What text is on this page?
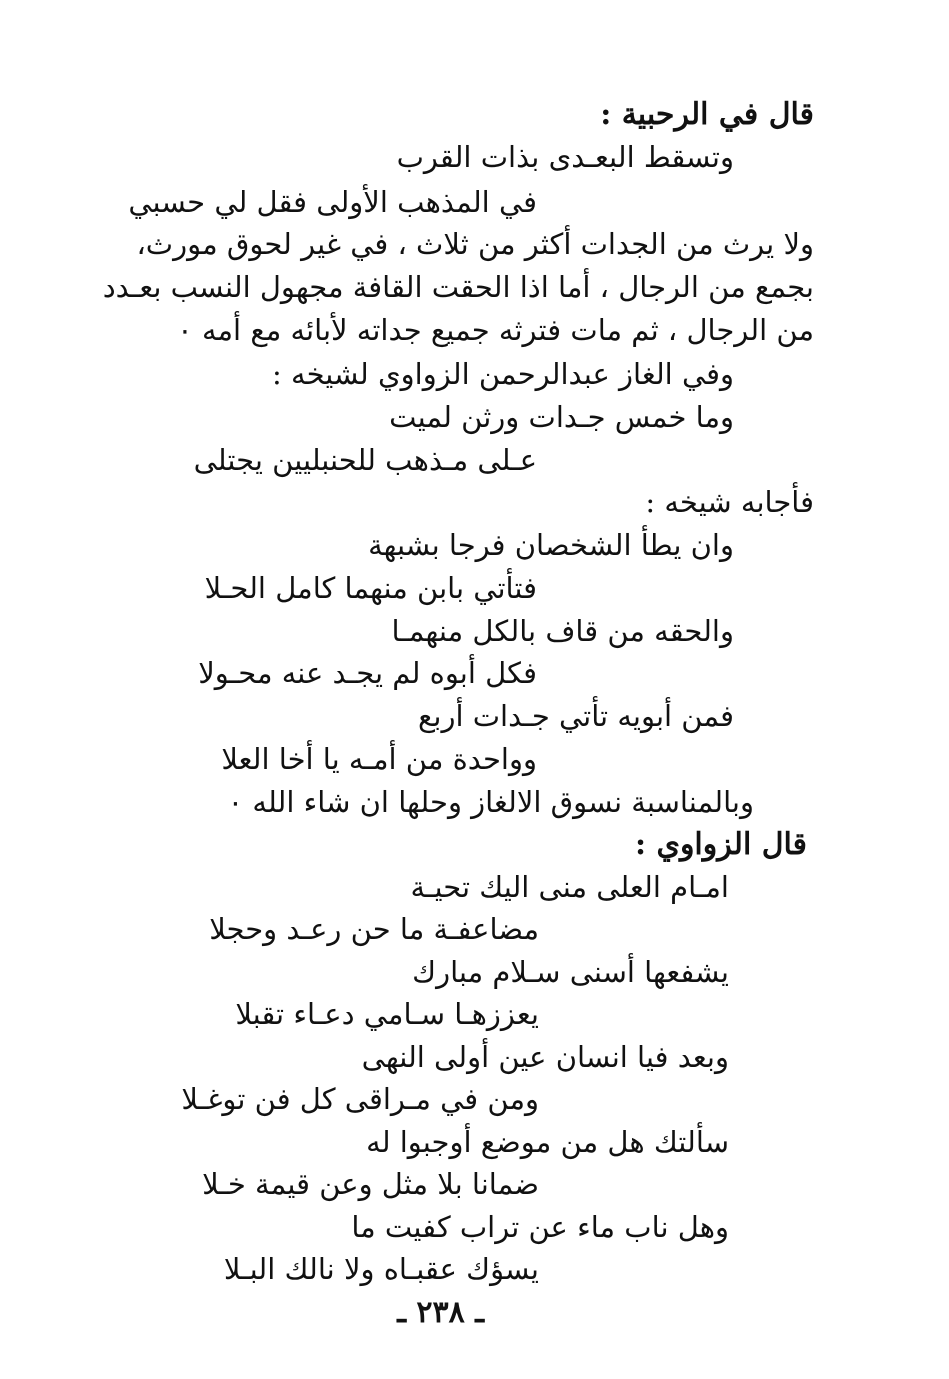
قال في الرحبية :
وتسقط البعـدى بذات القرب
في المذهب الأولى فقل لي حسبي
ولا يرث من الجدات أكثر من ثلاث ، في غير لحوق مورث،
بجمع من الرجال ، أما اذا الحقت القافة مجهول النسب بعـدد
من الرجال ، ثم مات فترثه جميع جداته لأبائه مع أمه ٠
وفي الغاز عبدالرحمن الزواوي لشيخه :
وما خمس جـدات ورثن لميت
عـلى مـذهب للحنبليين يجتلى
فأجابه شيخه :
وان يطأ الشخصان فرجا بشبهة
فتأتي بابن منهما كامل الحـلا
والحقه من قاف بالكل منهمـا
فكل أبوه لم يجـد عنه محـولا
فمن أبويه تأتي جـدات أربع
وواحدة من أمـه يا أخا العلا
وبالمناسبة نسوق الالغاز وحلها ان شاء الله ٠
قال الزواوي :
امـام العلى منى اليك تحيـة
مضاعفـة ما حن رعـد وحجلا
يشفعها أسنى سـلام مبارك
يعززهـا سـامي دعـاء تقبلا
وبعد فيا انسان عين أولى النهى
ومن في مـراقى كل فن توغـلا
سألتك هل من موضع أوجبوا له
ضمانا بلا مثل وعن قيمة خـلا
وهل ناب ماء عن تراب كفيت ما
يسؤك عقبـاه ولا نالك البـلا
ـ ٢٣٨ ـ
